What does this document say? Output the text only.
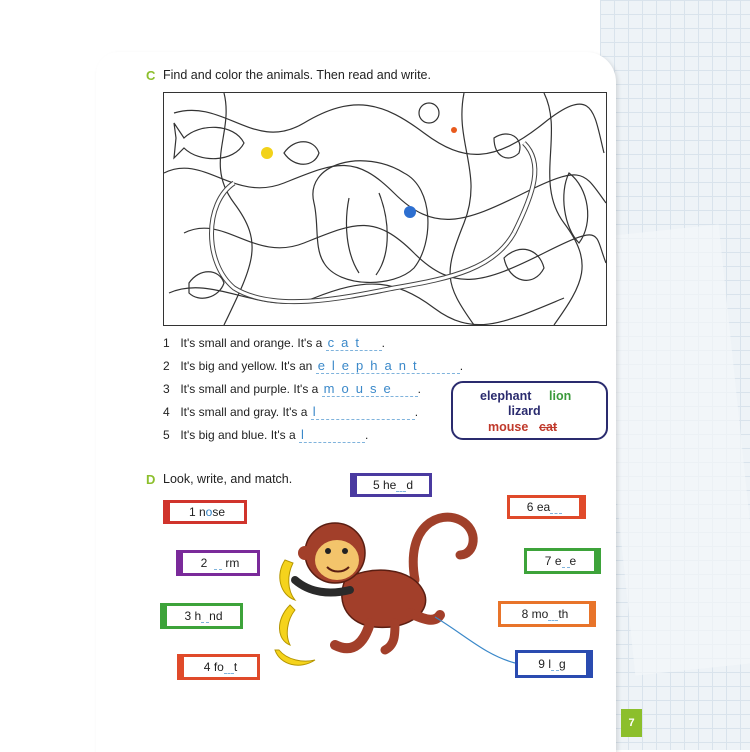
C Find and color the animals. Then read and write.
1 It's small and orange. It's a cat .
2 It's big and yellow. It's an elephant	.
3 It's small and purple. It's a mouse .
4 It's small and gray. It's a l	.
5 It's big and blue. It's a l	.
elephant lion
lizard
mouse cat
D Look, write, and match.	5
he d
1
n o se	6
ea
2

rm	7
e e
3
h nd	8
mo th
4
fo t	9
l g
7
